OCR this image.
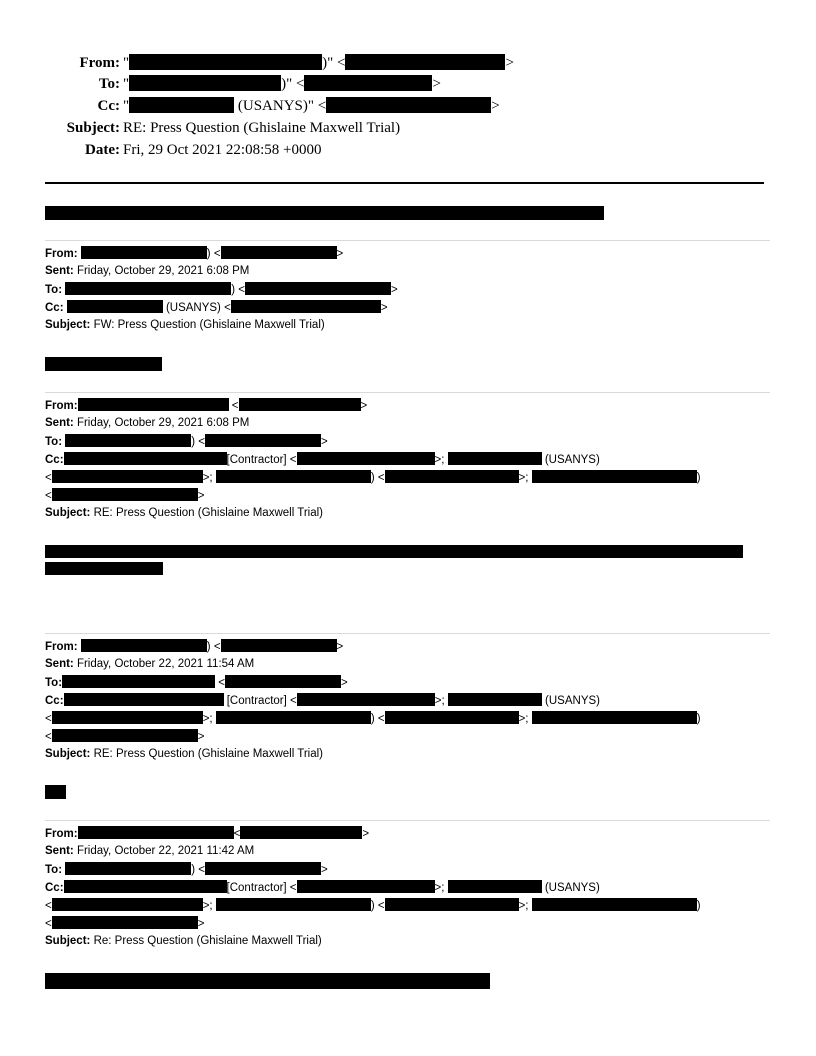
From: "	)" <	>
To: "	)" <	>
Cc: "	(USANYS)" <	>
Subject: RE: Press Question (Ghislaine Maxwell Trial)
Date: Fri, 29 Oct 2021 22:08:58 +0000
From:	) <	>
Sent: Friday, October 29, 2021 6:08 PM
To:	) <	>
Cc:	(USANYS) <	>
Subject: FW: Press Question (Ghislaine Maxwell Trial)
From:	<	>
Sent: Friday, October 29, 2021 6:08 PM
To:	) <	>
Cc:	[Contractor] <	>;	(USANYS)
<	>;	) <	>;	)
<	>
Subject: RE: Press Question (Ghislaine Maxwell Trial)
From:	) <	>
Sent: Friday, October 22, 2021 11:54 AM
To:	<	>
Cc:	[Contractor] <	>;	(USANYS)
<	>;	) <	>;	)
<	>
Subject: RE: Press Question (Ghislaine Maxwell Trial)
From:	<	>
Sent: Friday, October 22, 2021 11:42 AM
To:	) <	>
Cc:	[Contractor] <	>;	(USANYS)
<	>;	) <	>;	)
<	>
Subject: Re: Press Question (Ghislaine Maxwell Trial)
